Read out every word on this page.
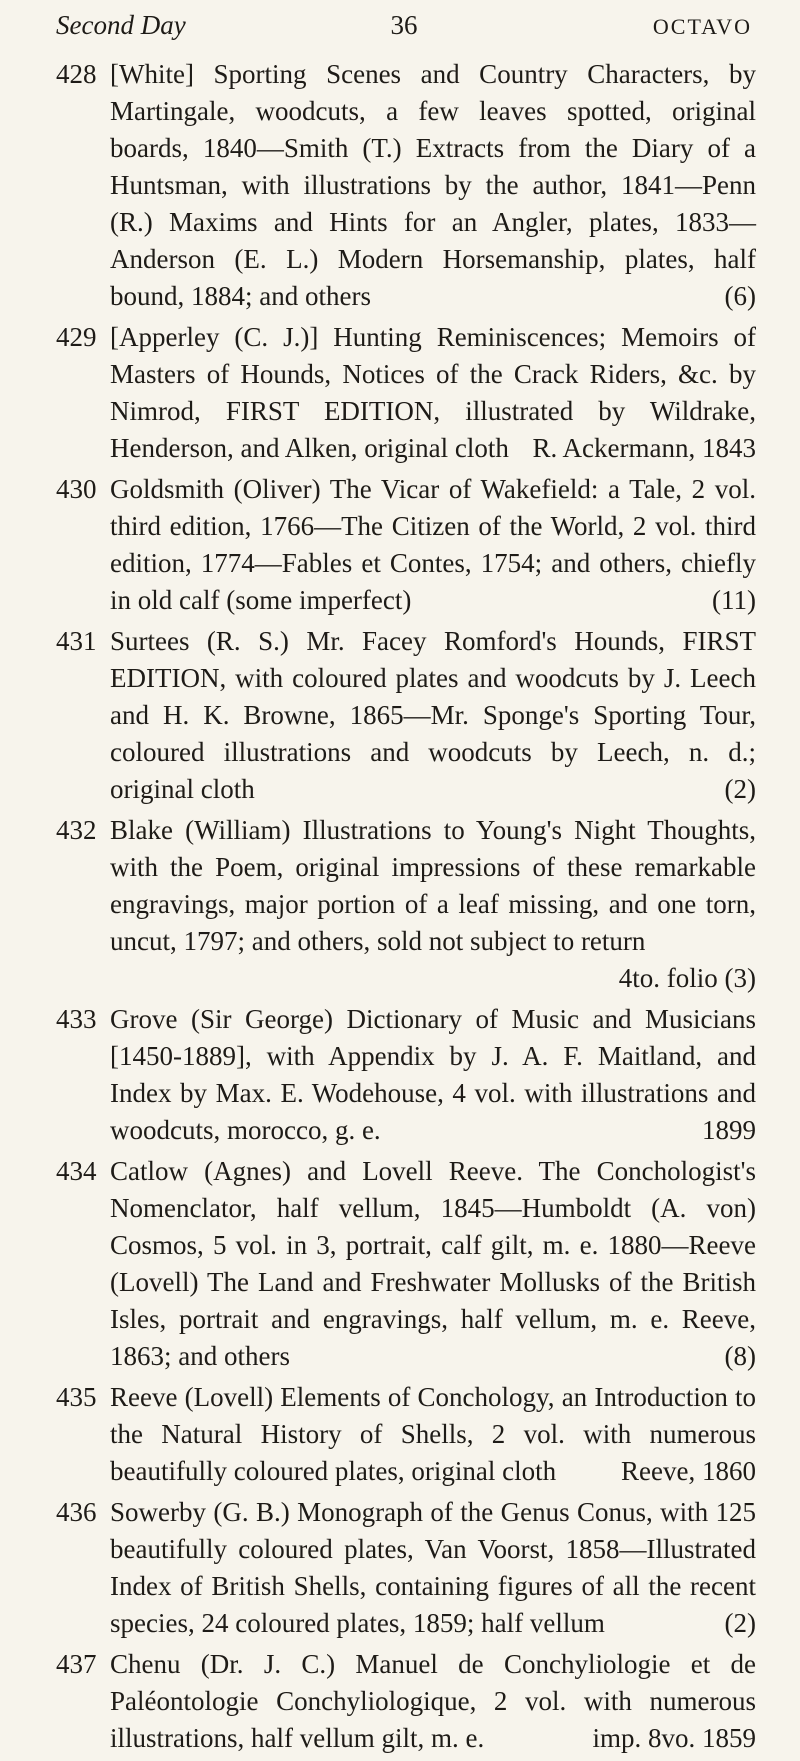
Second Day	36	OCTAVO
428 [White] Sporting Scenes and Country Characters, by Martingale, woodcuts, a few leaves spotted, original boards, 1840—Smith (T.) Extracts from the Diary of a Huntsman, with illustrations by the author, 1841—Penn (R.) Maxims and Hints for an Angler, plates, 1833—Anderson (E. L.) Modern Horsemanship, plates, half bound, 1884; and others	(6)
429 [Apperley (C. J.)] Hunting Reminiscences; Memoirs of Masters of Hounds, Notices of the Crack Riders, &c. by Nimrod, FIRST EDITION, illustrated by Wildrake, Henderson, and Alken, original cloth R. Ackermann, 1843
430 Goldsmith (Oliver) The Vicar of Wakefield: a Tale, 2 vol. third edition, 1766—The Citizen of the World, 2 vol. third edition, 1774—Fables et Contes, 1754; and others, chiefly in old calf (some imperfect)	(11)
431 Surtees (R. S.) Mr. Facey Romford's Hounds, FIRST EDITION, with coloured plates and woodcuts by J. Leech and H. K. Browne, 1865—Mr. Sponge's Sporting Tour, coloured illustrations and woodcuts by Leech, n. d.; original cloth	(2)
432 Blake (William) Illustrations to Young's Night Thoughts, with the Poem, original impressions of these remarkable engravings, major portion of a leaf missing, and one torn, uncut, 1797; and others, sold not subject to return
4to. folio (3)
433 Grove (Sir George) Dictionary of Music and Musicians [1450-1889], with Appendix by J. A. F. Maitland, and Index by Max. E. Wodehouse, 4 vol. with illustrations and woodcuts, morocco, g. e.	1899
434 Catlow (Agnes) and Lovell Reeve. The Conchologist's Nomenclator, half vellum, 1845—Humboldt (A. von) Cosmos, 5 vol. in 3, portrait, calf gilt, m. e. 1880—Reeve (Lovell) The Land and Freshwater Mollusks of the British Isles, portrait and engravings, half vellum, m. e. Reeve, 1863; and others	(8)
435 Reeve (Lovell) Elements of Conchology, an Introduction to the Natural History of Shells, 2 vol. with numerous beautifully coloured plates, original cloth Reeve, 1860
436 Sowerby (G. B.) Monograph of the Genus Conus, with 125 beautifully coloured plates, Van Voorst, 1858—Illustrated Index of British Shells, containing figures of all the recent species, 24 coloured plates, 1859; half vellum	(2)
437 Chenu (Dr. J. C.) Manuel de Conchyliologie et de Paléontologie Conchyliologique, 2 vol. with numerous illustrations, half vellum gilt, m. e.	imp. 8vo. 1859
